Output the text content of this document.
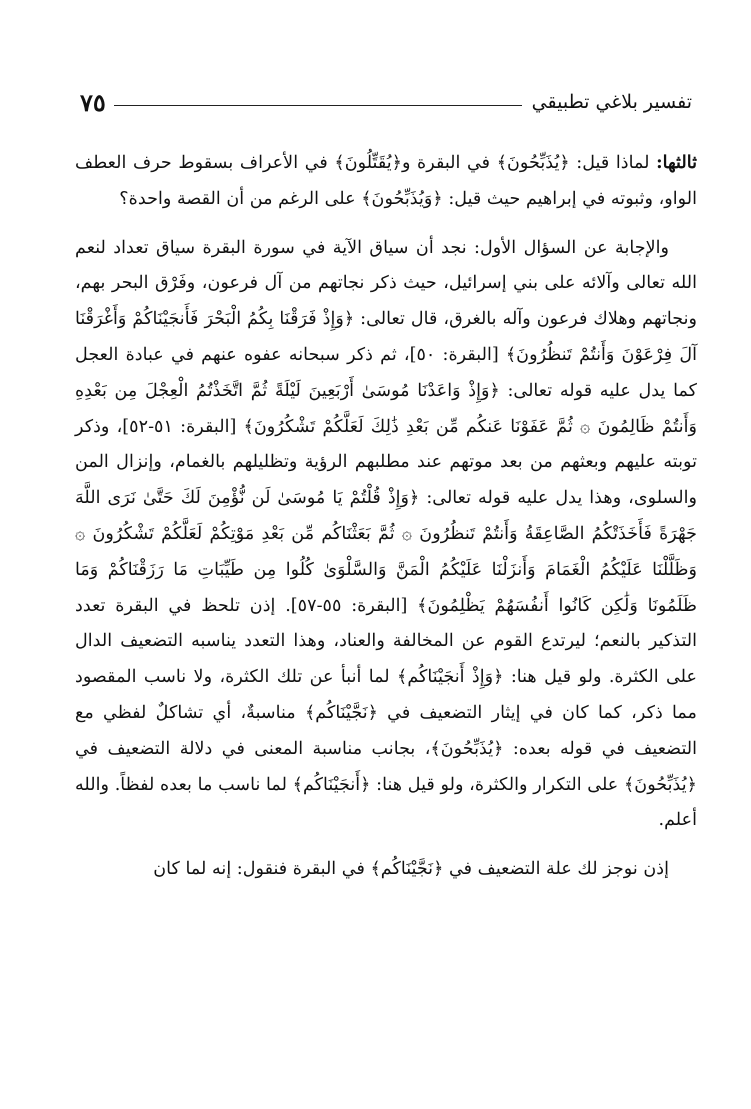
تفسير بلاغي تطبيقي
٧٥

ثالثها: لماذا قيل: ﴿يُذَبِّحُونَ﴾ في البقرة و﴿يُقَتِّلُونَ﴾ في الأعراف بسقوط حرف العطف الواو، وثبوته في إبراهيم حيث قيل: ﴿وَيُذَبِّحُونَ﴾ على الرغم من أن القصة واحدة؟

والإجابة عن السؤال الأول: نجد أن سياق الآية في سورة البقرة سياق تعداد لنعم الله تعالى وآلائه على بني إسرائيل، حيث ذكر نجاتهم من آل فرعون، وفَرْق البحر بهم، ونجاتهم وهلاك فرعون وآله بالغرق، قال تعالى: ﴿وَإِذْ فَرَقْنَا بِكُمُ الْبَحْرَ فَأَنجَيْنَاكُمْ وَأَغْرَقْنَا آلَ فِرْعَوْنَ وَأَنتُمْ تَنظُرُونَ﴾ [البقرة: ٥٠]، ثم ذكر سبحانه عفوه عنهم في عبادة العجل كما يدل عليه قوله تعالى: ﴿وَإِذْ وَاعَدْنَا مُوسَىٰ أَرْبَعِينَ لَيْلَةً ثُمَّ اتَّخَذْتُمُ الْعِجْلَ مِن بَعْدِهِ وَأَنتُمْ ظَالِمُونَ ۞ ثُمَّ عَفَوْنَا عَنكُم مِّن بَعْدِ ذَٰلِكَ لَعَلَّكُمْ تَشْكُرُونَ﴾ [البقرة: ٥١-٥٢]، وذكر توبته عليهم وبعثهم من بعد موتهم عند مطلبهم الرؤية وتظليلهم بالغمام، وإنزال المن والسلوى، وهذا يدل عليه قوله تعالى: ﴿وَإِذْ قُلْتُمْ يَا مُوسَىٰ لَن نُّؤْمِنَ لَكَ حَتَّىٰ نَرَى اللَّهَ جَهْرَةً فَأَخَذَتْكُمُ الصَّاعِقَةُ وَأَنتُمْ تَنظُرُونَ ۞ ثُمَّ بَعَثْنَاكُم مِّن بَعْدِ مَوْتِكُمْ لَعَلَّكُمْ تَشْكُرُونَ ۞ وَظَلَّلْنَا عَلَيْكُمُ الْغَمَامَ وَأَنزَلْنَا عَلَيْكُمُ الْمَنَّ وَالسَّلْوَىٰ كُلُوا مِن طَيِّبَاتِ مَا رَزَقْنَاكُمْ وَمَا ظَلَمُونَا وَلَٰكِن كَانُوا أَنفُسَهُمْ يَظْلِمُونَ﴾ [البقرة: ٥٥-٥٧]. إذن تلحظ في البقرة تعدد التذكير بالنعم؛ ليرتدع القوم عن المخالفة والعناد، وهذا التعدد يناسبه التضعيف الدال على الكثرة. ولو قيل هنا: ﴿وَإِذْ أَنجَيْنَاكُم﴾ لما أنبأ عن تلك الكثرة، ولا ناسب المقصود مما ذكر، كما كان في إيثار التضعيف في ﴿نَجَّيْنَاكُم﴾ مناسبةٌ، أي تشاكلٌ لفظي مع التضعيف في قوله بعده: ﴿يُذَبِّحُونَ﴾، بجانب مناسبة المعنى في دلالة التضعيف في ﴿يُذَبِّحُونَ﴾ على التكرار والكثرة، ولو قيل هنا: ﴿أَنجَيْنَاكُم﴾ لما ناسب ما بعده لفظاً. والله أعلم.

إذن نوجز لك علة التضعيف في ﴿نَجَّيْنَاكُم﴾ في البقرة فنقول: إنه لما كان
